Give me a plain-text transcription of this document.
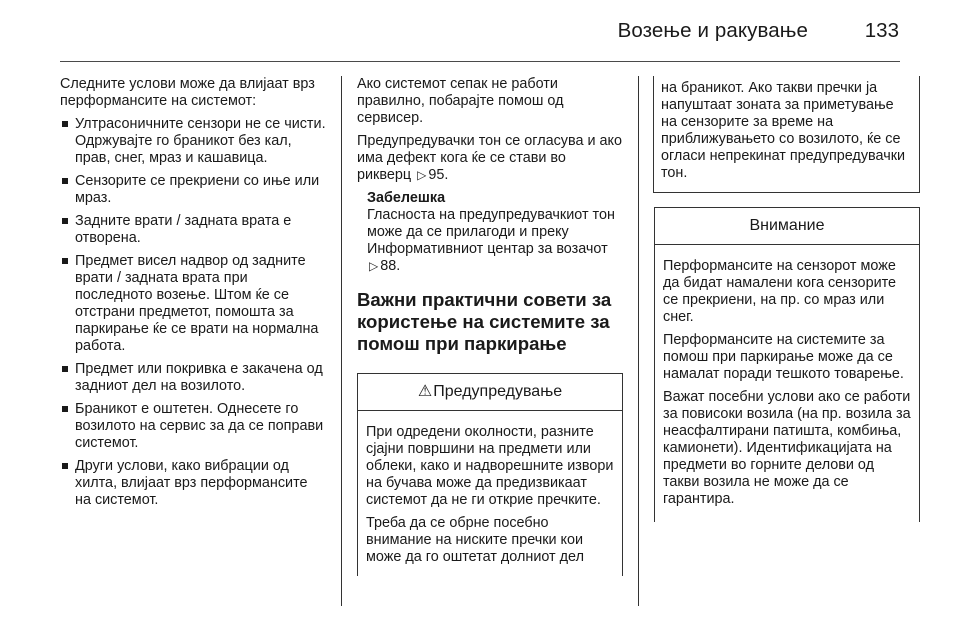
Возење и ракување	133

Следните услови може да влијаат врз перформансите на системот:

Ултрасоничните сензори не се чисти. Одржувајте го браникот без кал, прав, снег, мраз и кашавица.
Сензорите се прекриени со иње или мраз.
Задните врати / задната врата е отворена.
Предмет висел надвор од задните врати / задната врата при последното возење. Штом ќе се отстрани предметот, помошта за паркирање ќе се врати на нормална работа.
Предмет или покривка е закачена од задниот дел на возилото.
Браникот е оштетен. Однесете го возилото на сервис за да се поправи системот.
Други услови, како вибрации од хилта, влијаат врз перформансите на системот.

Ако системот сепак не работи правилно, побарајте помош од сервисер.

Предупредувачки тон се огласува и ако има дефект кога ќе се стави во рикверц ▷ 95.

Забелешка
Гласноста на предупредувачкиот тон може да се прилагоди и преку Информативниот центар за возачот ▷ 88.
Важни практични совети за користење на системите за помош при паркирање
⚠Предупредување

При одредени околности, разните сјајни површини на предмети или облеки, како и надворешните извори на бучава може да предизвикаат системот да не ги открие пречките.

Треба да се обрне посебно внимание на ниските пречки кои може да го оштетат долниот дел

на браникот. Ако такви пречки ја напуштаат зоната за приметување на сензорите за време на приближувањето со возилото, ќе се огласи непрекинат предупредувачки тон.

Внимание

Перформансите на сензорот може да бидат намалени кога сензорите се прекриени, на пр. со мраз или снег.

Перформансите на системите за помош при паркирање може да се намалат поради тешкото товарење.

Важат посебни услови ако се работи за повисоки возила (на пр. возила за неасфалтирани патишта, комбиња, камионети). Идентификацијата на предмети во горните делови од такви возила не може да се гарантира.
